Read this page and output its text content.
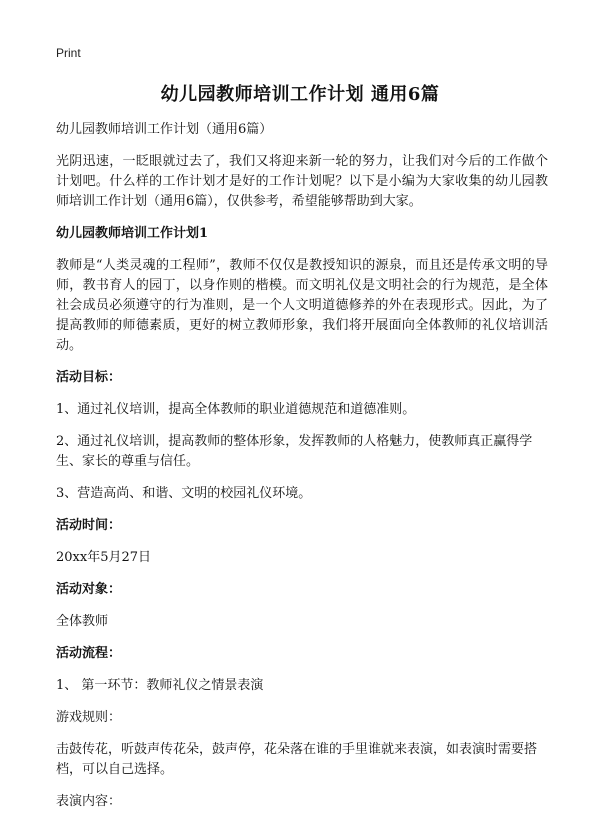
Print
幼儿园教师培训工作计划 通用6篇

幼儿园教师培训工作计划（通用6篇）

光阴迅速，一眨眼就过去了，我们又将迎来新一轮的努力，让我们对今后的工作做个计划吧。什么样的工作计划才是好的工作计划呢？以下是小编为大家收集的幼儿园教师培训工作计划（通用6篇），仅供参考，希望能够帮助到大家。

幼儿园教师培训工作计划1

教师是“人类灵魂的工程师”，教师不仅仅是教授知识的源泉，而且还是传承文明的导师，教书育人的园丁，以身作则的楷模。而文明礼仪是文明社会的行为规范，是全体社会成员必须遵守的行为准则，是一个人文明道德修养的外在表现形式。因此，为了提高教师的师德素质，更好的树立教师形象，我们将开展面向全体教师的礼仪培训活动。

活动目标：

1、通过礼仪培训，提高全体教师的职业道德规范和道德准则。

2、通过礼仪培训，提高教师的整体形象，发挥教师的人格魅力，使教师真正赢得学生、家长的尊重与信任。

3、营造高尚、和谐、文明的校园礼仪环境。

活动时间：

20xx年5月27日

活动对象：

全体教师

活动流程：

1、 第一环节：教师礼仪之情景表演

游戏规则：

击鼓传花，听鼓声传花朵，鼓声停，花朵落在谁的手里谁就来表演，如表演时需要搭档，可以自己选择。

表演内容：
